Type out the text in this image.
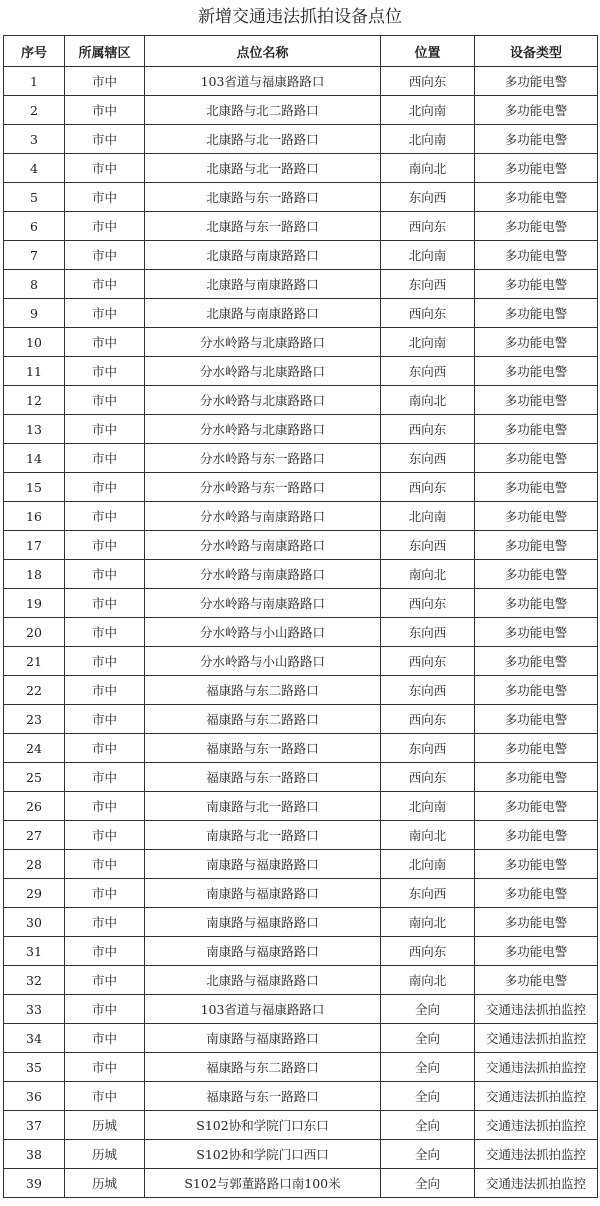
新增交通违法抓拍设备点位
序号	所属辖区	点位名称	位置	设备类型
1	市中	103省道与福康路路口	西向东	多功能电警
2	市中	北康路与北二路路口	北向南	多功能电警
3	市中	北康路与北一路路口	北向南	多功能电警
4	市中	北康路与北一路路口	南向北	多功能电警
5	市中	北康路与东一路路口	东向西	多功能电警
6	市中	北康路与东一路路口	西向东	多功能电警
7	市中	北康路与南康路路口	北向南	多功能电警
8	市中	北康路与南康路路口	东向西	多功能电警
9	市中	北康路与南康路路口	西向东	多功能电警
10	市中	分水岭路与北康路路口	北向南	多功能电警
11	市中	分水岭路与北康路路口	东向西	多功能电警
12	市中	分水岭路与北康路路口	南向北	多功能电警
13	市中	分水岭路与北康路路口	西向东	多功能电警
14	市中	分水岭路与东一路路口	东向西	多功能电警
15	市中	分水岭路与东一路路口	西向东	多功能电警
16	市中	分水岭路与南康路路口	北向南	多功能电警
17	市中	分水岭路与南康路路口	东向西	多功能电警
18	市中	分水岭路与南康路路口	南向北	多功能电警
19	市中	分水岭路与南康路路口	西向东	多功能电警
20	市中	分水岭路与小山路路口	东向西	多功能电警
21	市中	分水岭路与小山路路口	西向东	多功能电警
22	市中	福康路与东二路路口	东向西	多功能电警
23	市中	福康路与东二路路口	西向东	多功能电警
24	市中	福康路与东一路路口	东向西	多功能电警
25	市中	福康路与东一路路口	西向东	多功能电警
26	市中	南康路与北一路路口	北向南	多功能电警
27	市中	南康路与北一路路口	南向北	多功能电警
28	市中	南康路与福康路路口	北向南	多功能电警
29	市中	南康路与福康路路口	东向西	多功能电警
30	市中	南康路与福康路路口	南向北	多功能电警
31	市中	南康路与福康路路口	西向东	多功能电警
32	市中	北康路与福康路路口	南向北	多功能电警
33	市中	103省道与福康路路口	全向	交通违法抓拍监控
34	市中	南康路与福康路路口	全向	交通违法抓拍监控
35	市中	福康路与东二路路口	全向	交通违法抓拍监控
36	市中	福康路与东一路路口	全向	交通违法抓拍监控
37	历城	S102协和学院门口东口	全向	交通违法抓拍监控
38	历城	S102协和学院门口西口	全向	交通违法抓拍监控
39	历城	S102与郭董路路口南100米	全向	交通违法抓拍监控
